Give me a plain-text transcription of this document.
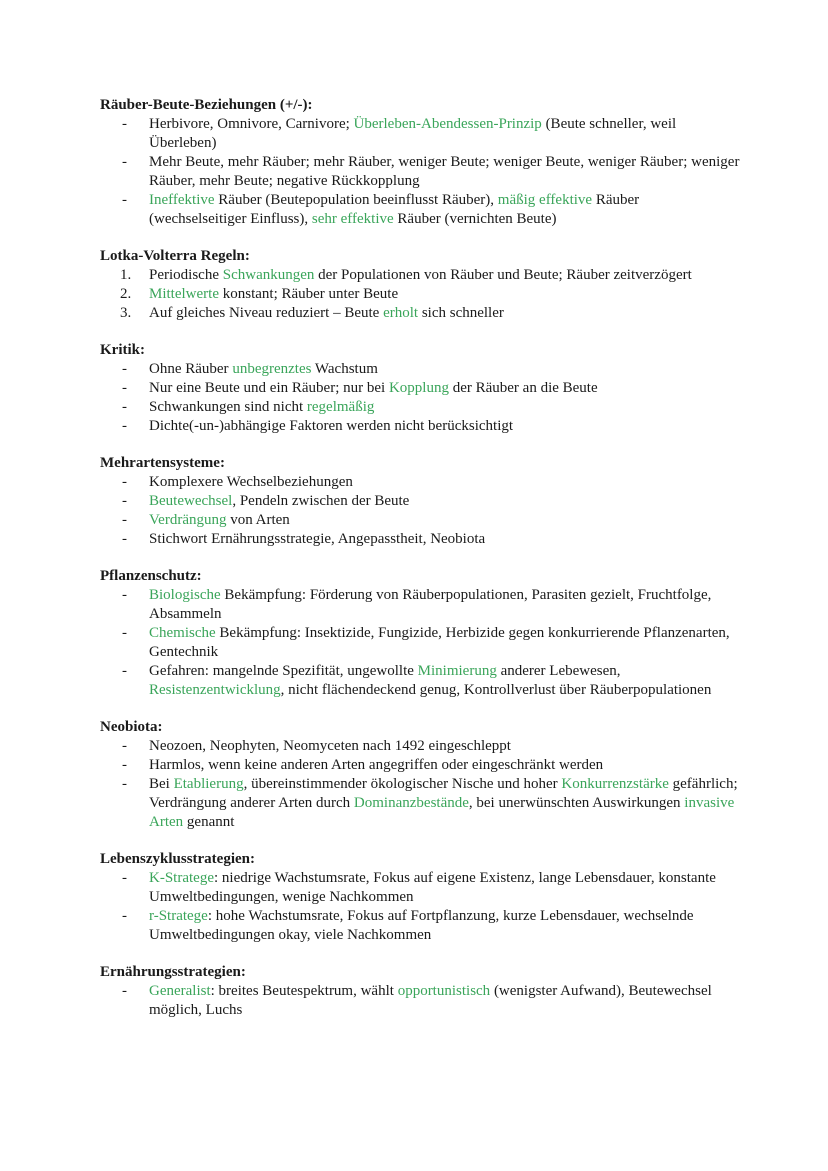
Räuber-Beute-Beziehungen (+/-):
- Herbivore, Omnivore, Carnivore; Überleben-Abendessen-Prinzip (Beute schneller, weil Überleben)
- Mehr Beute, mehr Räuber; mehr Räuber, weniger Beute; weniger Beute, weniger Räuber; weniger Räuber, mehr Beute; negative Rückkopplung
- Ineffektive Räuber (Beutepopulation beeinflusst Räuber), mäßig effektive Räuber (wechselseitiger Einfluss), sehr effektive Räuber (vernichten Beute)
Lotka-Volterra Regeln:
1. Periodische Schwankungen der Populationen von Räuber und Beute; Räuber zeitverzögert
2. Mittelwerte konstant; Räuber unter Beute
3. Auf gleiches Niveau reduziert – Beute erholt sich schneller
Kritik:
- Ohne Räuber unbegrenztes Wachstum
- Nur eine Beute und ein Räuber; nur bei Kopplung der Räuber an die Beute
- Schwankungen sind nicht regelmäßig
- Dichte(-un-)abhängige Faktoren werden nicht berücksichtigt
Mehrartensysteme:
- Komplexere Wechselbeziehungen
- Beutewechsel, Pendeln zwischen der Beute
- Verdrängung von Arten
- Stichwort Ernährungsstrategie, Angepasstheit, Neobiota
Pflanzenschutz:
- Biologische Bekämpfung: Förderung von Räuberpopulationen, Parasiten gezielt, Fruchtfolge, Absammeln
- Chemische Bekämpfung: Insektizide, Fungizide, Herbizide gegen konkurrierende Pflanzenarten, Gentechnik
- Gefahren: mangelnde Spezifität, ungewollte Minimierung anderer Lebewesen, Resistenzentwicklung, nicht flächendeckend genug, Kontrollverlust über Räuberpopulationen
Neobiota:
- Neozoen, Neophyten, Neomyceten nach 1492 eingeschleppt
- Harmlos, wenn keine anderen Arten angegriffen oder eingeschränkt werden
- Bei Etablierung, übereinstimmender ökologischer Nische und hoher Konkurrenzstärke gefährlich; Verdrängung anderer Arten durch Dominanzbestände, bei unerwünschten Auswirkungen invasive Arten genannt
Lebenszyklusstrategien:
- K-Stratege: niedrige Wachstumsrate, Fokus auf eigene Existenz, lange Lebensdauer, konstante Umweltbedingungen, wenige Nachkommen
- r-Stratege: hohe Wachstumsrate, Fokus auf Fortpflanzung, kurze Lebensdauer, wechselnde Umweltbedingungen okay, viele Nachkommen
Ernährungsstrategien:
- Generalist: breites Beutespektrum, wählt opportunistisch (wenigster Aufwand), Beutewechsel möglich, Luchs
